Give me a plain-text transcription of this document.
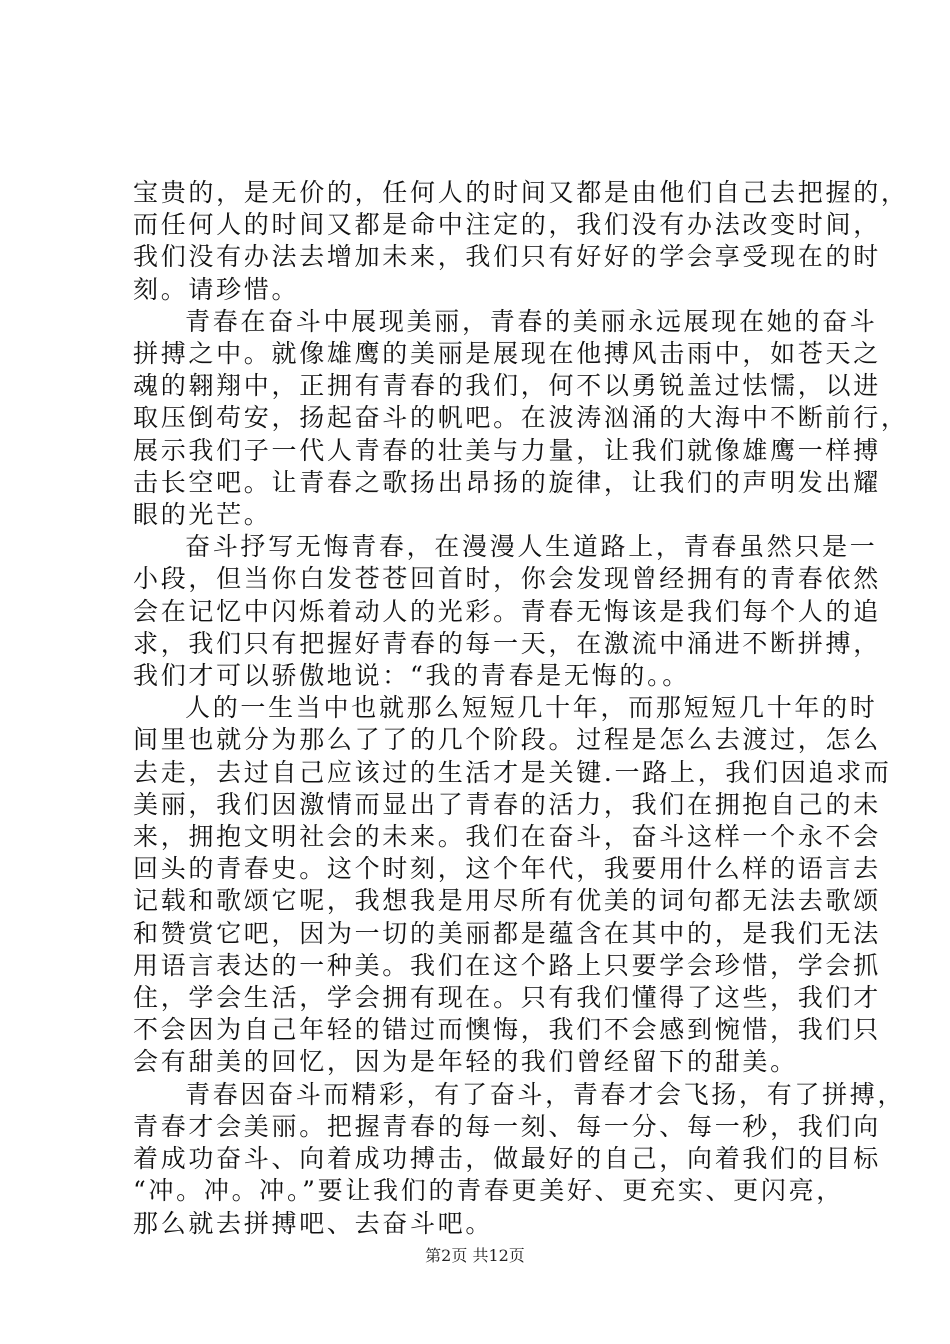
宝贵的，是无价的，任何人的时间又都是由他们自己去把握的，
而任何人的时间又都是命中注定的，我们没有办法改变时间，
我们没有办法去增加未来，我们只有好好的学会享受现在的时
刻。请珍惜。
青春在奋斗中展现美丽，青春的美丽永远展现在她的奋斗
拼搏之中。就像雄鹰的美丽是展现在他搏风击雨中，如苍天之
魂的翱翔中，正拥有青春的我们，何不以勇锐盖过怯懦，以进
取压倒苟安，扬起奋斗的帆吧。在波涛汹涌的大海中不断前行，
展示我们子一代人青春的壮美与力量，让我们就像雄鹰一样搏
击长空吧。让青春之歌扬出昂扬的旋律，让我们的声明发出耀
眼的光芒。
奋斗抒写无悔青春，在漫漫人生道路上，青春虽然只是一
小段，但当你白发苍苍回首时，你会发现曾经拥有的青春依然
会在记忆中闪烁着动人的光彩。青春无悔该是我们每个人的追
求，我们只有把握好青春的每一天，在激流中涌进不断拼搏，
我们才可以骄傲地说：“我的青春是无悔的。。
人的一生当中也就那么短短几十年，而那短短几十年的时
间里也就分为那么了了的几个阶段。过程是怎么去渡过，怎么
去走，去过自己应该过的生活才是关键.一路上，我们因追求而
美丽，我们因激情而显出了青春的活力，我们在拥抱自己的未
来，拥抱文明社会的未来。我们在奋斗，奋斗这样一个永不会
回头的青春史。这个时刻，这个年代，我要用什么样的语言去
记载和歌颂它呢，我想我是用尽所有优美的词句都无法去歌颂
和赞赏它吧，因为一切的美丽都是蕴含在其中的，是我们无法
用语言表达的一种美。我们在这个路上只要学会珍惜，学会抓
住，学会生活，学会拥有现在。只有我们懂得了这些，我们才
不会因为自己年轻的错过而懊悔，我们不会感到惋惜，我们只
会有甜美的回忆，因为是年轻的我们曾经留下的甜美。
青春因奋斗而精彩，有了奋斗，青春才会飞扬，有了拼搏，
青春才会美丽。把握青春的每一刻、每一分、每一秒，我们向
着成功奋斗、向着成功搏击，做最好的自己，向着我们的目标
“冲。冲。冲。”要让我们的青春更美好、更充实、更闪亮，
那么就去拼搏吧、去奋斗吧。
第2页 共12页
